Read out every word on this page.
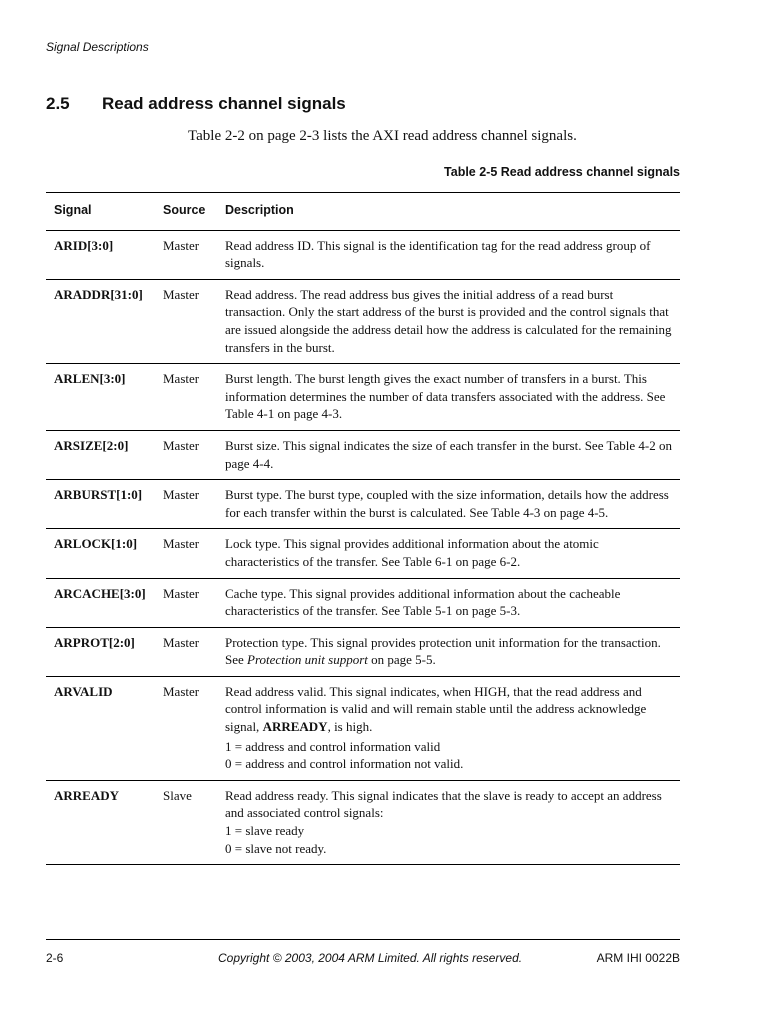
Signal Descriptions
2.5 Read address channel signals
Table 2-2 on page 2-3 lists the AXI read address channel signals.
Table 2-5 Read address channel signals
Signal	Source	Description
ARID[3:0]	Master	Read address ID. This signal is the identification tag for the read address group of signals.
ARADDR[31:0]	Master	Read address. The read address bus gives the initial address of a read burst transaction. Only the start address of the burst is provided and the control signals that are issued alongside the address detail how the address is calculated for the remaining transfers in the burst.
ARLEN[3:0]	Master	Burst length. The burst length gives the exact number of transfers in a burst. This information determines the number of data transfers associated with the address. See Table 4-1 on page 4-3.
ARSIZE[2:0]	Master	Burst size. This signal indicates the size of each transfer in the burst. See Table 4-2 on page 4-4.
ARBURST[1:0]	Master	Burst type. The burst type, coupled with the size information, details how the address for each transfer within the burst is calculated. See Table 4-3 on page 4-5.
ARLOCK[1:0]	Master	Lock type. This signal provides additional information about the atomic characteristics of the transfer. See Table 6-1 on page 6-2.
ARCACHE[3:0]	Master	Cache type. This signal provides additional information about the cacheable characteristics of the transfer. See Table 5-1 on page 5-3.
ARPROT[2:0]	Master	Protection type. This signal provides protection unit information for the transaction. See Protection unit support on page 5-5.
ARVALID	Master	Read address valid. This signal indicates, when HIGH, that the read address and control information is valid and will remain stable until the address acknowledge signal, ARREADY, is high.
1 = address and control information valid
0 = address and control information not valid.

ARREADY	Slave	Read address ready. This signal indicates that the slave is ready to accept an address and associated control signals:
1 = slave ready
0 = slave not ready.
2-6	Copyright © 2003, 2004 ARM Limited. All rights reserved.	ARM IHI 0022B
